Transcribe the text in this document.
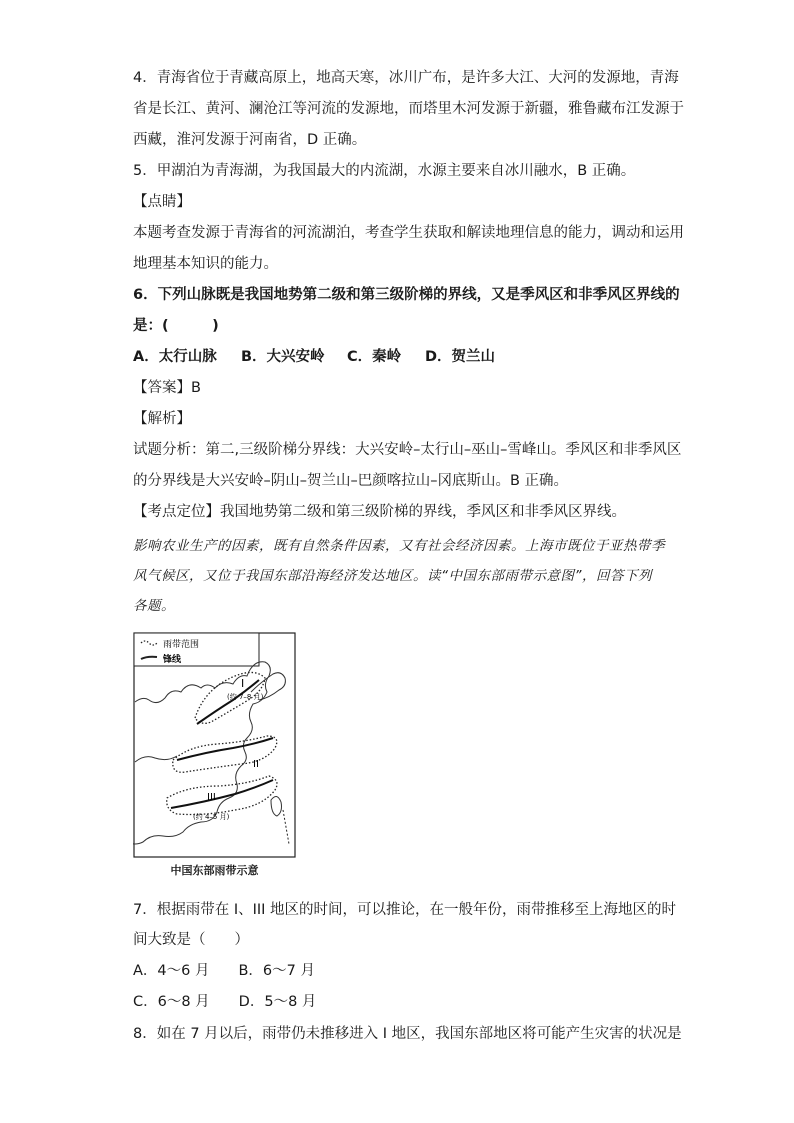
4．青海省位于青藏高原上，地高天寒，冰川广布，是许多大江、大河的发源地，青海
省是长江、黄河、澜沧江等河流的发源地，而塔里木河发源于新疆，雅鲁藏布江发源于
西藏，淮河发源于河南省，D 正确。
5．甲湖泊为青海湖，为我国最大的内流湖，水源主要来自冰川融水，B 正确。
【点睛】
本题考查发源于青海省的河流湖泊，考查学生获取和解读地理信息的能力，调动和运用
地理基本知识的能力。
6．下列山脉既是我国地势第二级和第三级阶梯的界线，又是季风区和非季风区界线的
是：(　　　)
A．太行山脉 B．大兴安岭 C．秦岭 D．贺兰山
【答案】B
【解析】
试题分析：第二,三级阶梯分界线：大兴安岭–太行山–巫山–雪峰山。季风区和非季风区
的分界线是大兴安岭–阴山–贺兰山–巴颜喀拉山–冈底斯山。B 正确。
【考点定位】我国地势第二级和第三级阶梯的界线，季风区和非季风区界线。
影响农业生产的因素，既有自然条件因素，又有社会经济因素。上海市既位于亚热带季
风气候区，又位于我国东部沿海经济发达地区。读“中国东部雨带示意图”，回答下列
各题。
雨带范围
锋线
I
(约 7–8 月)
II
III
(约 4–5 月)
中国东部雨带示意
7．根据雨带在 I、III 地区的时间，可以推论，在一般年份，雨带推移至上海地区的时
间大致是（　　）
A．4～6 月　　B．6～7 月
C．6～8 月　　D．5～8 月
8．如在 7 月以后，雨带仍未推移进入 I 地区，我国东部地区将可能产生灾害的状况是
